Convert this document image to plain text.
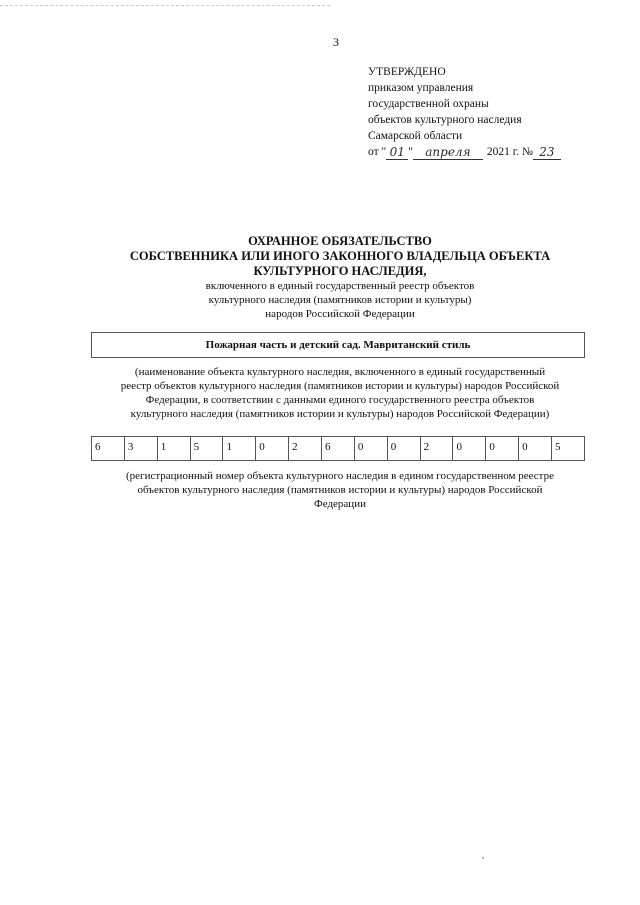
3
УТВЕРЖДЕНО
приказом управления
государственной охраны
объектов культурного наследия
Самарской области
от " 01 "	апреля	2021 г. № 23
ОХРАННОЕ ОБЯЗАТЕЛЬСТВО
СОБСТВЕННИКА ИЛИ ИНОГО ЗАКОННОГО ВЛАДЕЛЬЦА ОБЪЕКТА
КУЛЬТУРНОГО НАСЛЕДИЯ,
включенного в единый государственный реестр объектов
культурного наследия (памятников истории и культуры)
народов Российской Федерации
Пожарная часть и детский сад. Мавританский стиль
(наименование объекта культурного наследия, включенного в единый государственный
реестр объектов культурного наследия (памятников истории и культуры) народов Российской
Федерации, в соответствии с данными единого государственного реестра объектов
культурного наследия (памятников истории и культуры) народов Российской Федерации)
6	3	1	5	1	0	2	6	0	0	2	0	0	0	5
(регистрационный номер объекта культурного наследия в едином государственном реестре
объектов культурного наследия (памятников истории и культуры) народов Российской
Федерации
